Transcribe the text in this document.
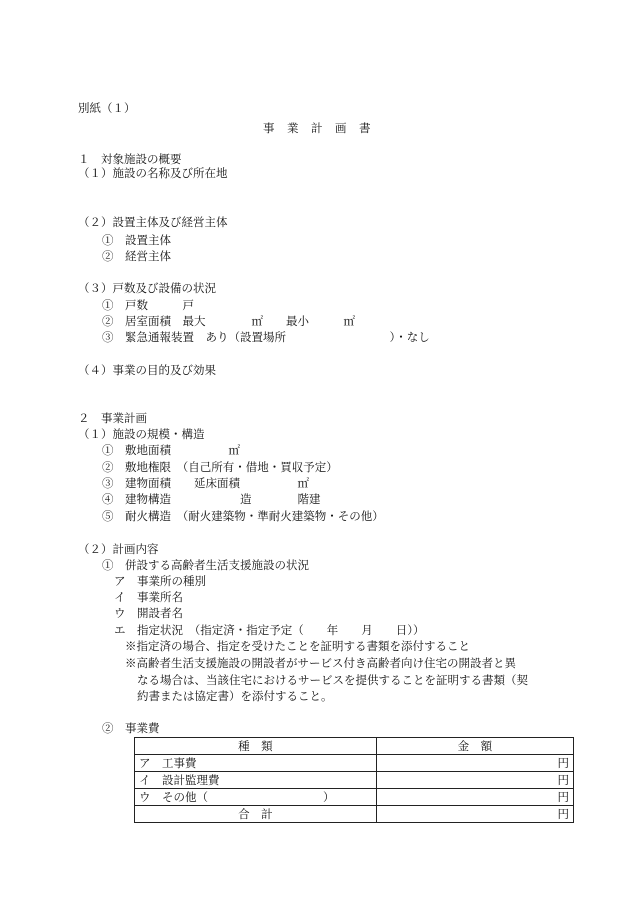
別紙（１）
事　業　計　画　書
１　対象施設の概要
（１）施設の名称及び所在地
（２）設置主体及び経営主体
①　設置主体
②　経営主体
（３）戸数及び設備の状況
①　戸数　　　戸
②　居室面積　最大　　　　㎡　　最小　　　㎡
③　緊急通報装置　あり（設置場所　　　　　　　　　）・なし
（４）事業の目的及び効果
２　事業計画
（１）施設の規模・構造
①　敷地面積　　　　　㎡
②　敷地権限　（自己所有・借地・買収予定）
③　建物面積　　延床面積　　　　　㎡
④　建物構造　　　　　　造　　　　階建
⑤　耐火構造　（耐火建築物・準耐火建築物・その他）
（２）計画内容
①　併設する高齢者生活支援施設の状況
ア　事業所の種別
イ　事業所名
ウ　開設者名
エ　指定状況　（指定済・指定予定（　　年　　月　　日））
※指定済の場合、指定を受けたことを証明する書類を添付すること
※高齢者生活支援施設の開設者がサービス付き高齢者向け住宅の開設者と異
なる場合は、当該住宅におけるサービスを提供することを証明する書類（契
約書または協定書）を添付すること。
②　事業費
種　類	金　額
ア　工事費	円
イ　設計監理費	円
ウ　その他（　　　　　　　　　　）	円
合　計	円
